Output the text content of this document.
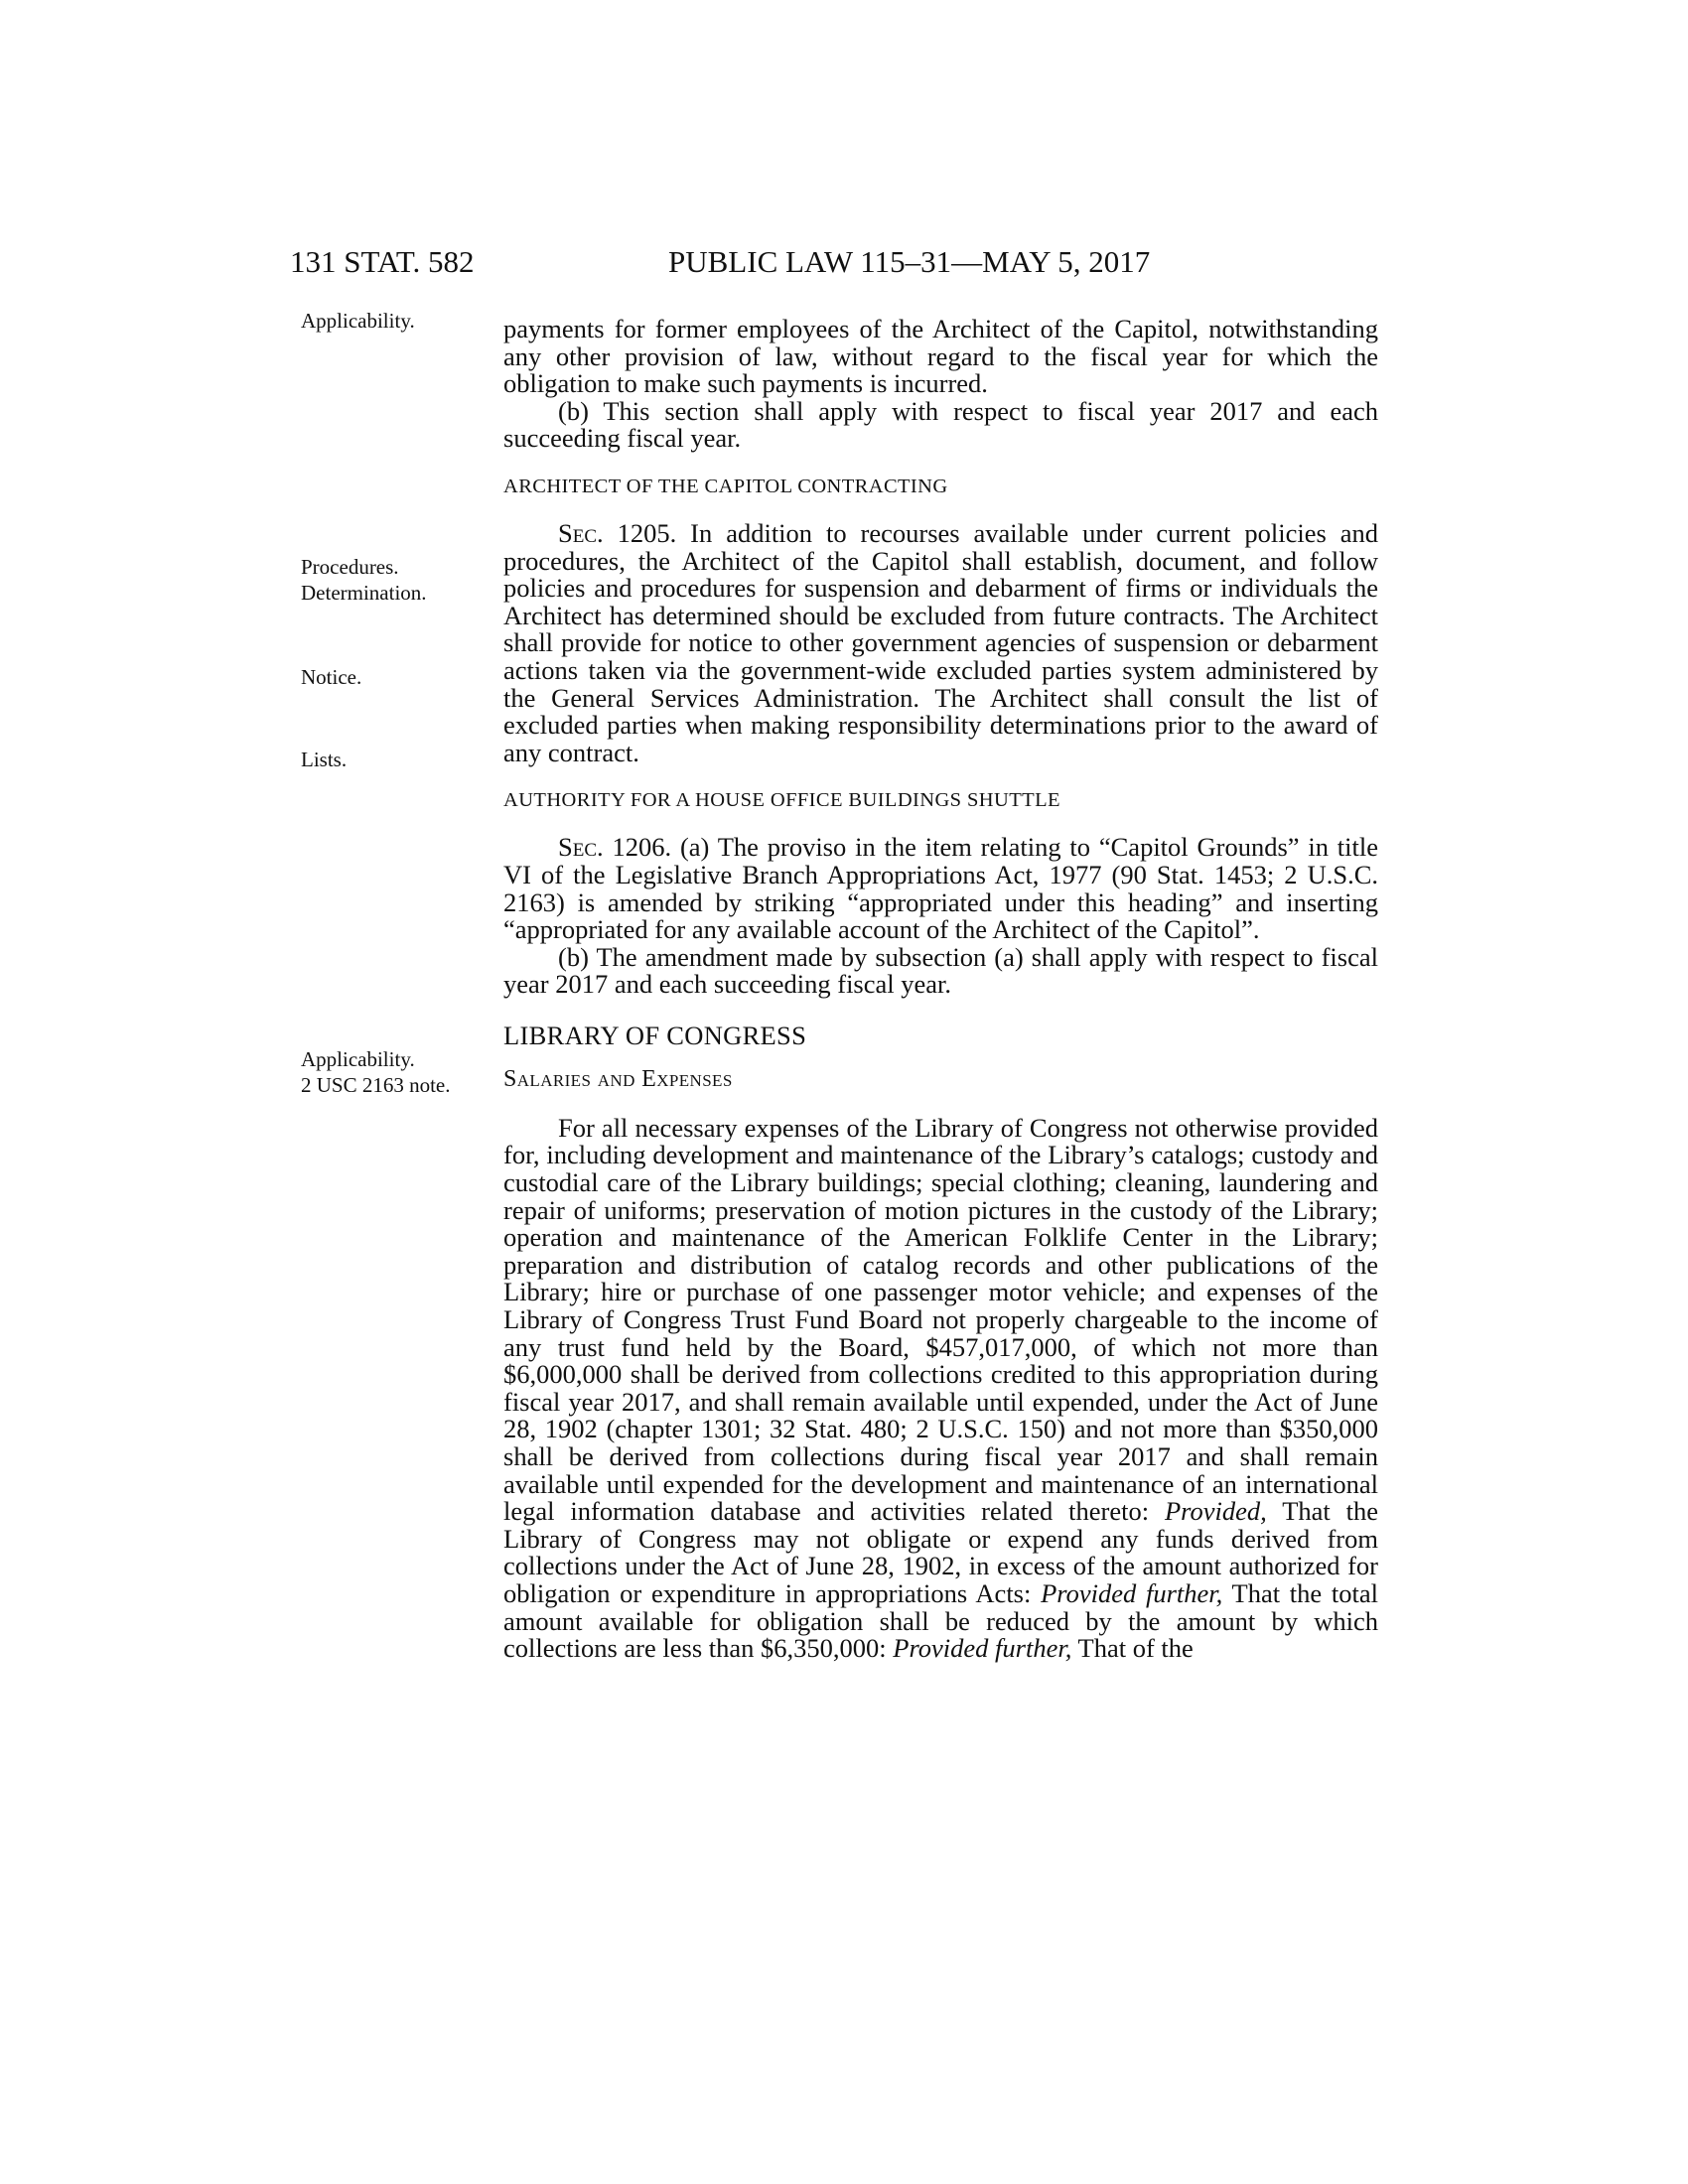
131 STAT. 582	PUBLIC LAW 115–31—MAY 5, 2017
Applicability.
Procedures.
Determination.
Notice.
Lists.
Applicability.
2 USC 2163 note.

payments for former employees of the Architect of the Capitol, notwithstanding any other provision of law, without regard to the fiscal year for which the obligation to make such payments is incurred.

(b) This section shall apply with respect to fiscal year 2017 and each succeeding fiscal year.

ARCHITECT OF THE CAPITOL CONTRACTING

Sec. 1205. In addition to recourses available under current policies and procedures, the Architect of the Capitol shall establish, document, and follow policies and procedures for suspension and debarment of firms or individuals the Architect has determined should be excluded from future contracts. The Architect shall provide for notice to other government agencies of suspension or debarment actions taken via the government-wide excluded parties system administered by the General Services Administration. The Architect shall consult the list of excluded parties when making responsibility determinations prior to the award of any contract.

AUTHORITY FOR A HOUSE OFFICE BUILDINGS SHUTTLE

Sec. 1206. (a) The proviso in the item relating to “Capitol Grounds” in title VI of the Legislative Branch Appropriations Act, 1977 (90 Stat. 1453; 2 U.S.C. 2163) is amended by striking “appropriated under this heading” and inserting “appropriated for any available account of the Architect of the Capitol”.

(b) The amendment made by subsection (a) shall apply with respect to fiscal year 2017 and each succeeding fiscal year.

LIBRARY OF CONGRESS

Salaries and Expenses

For all necessary expenses of the Library of Congress not otherwise provided for, including development and maintenance of the Library’s catalogs; custody and custodial care of the Library buildings; special clothing; cleaning, laundering and repair of uniforms; preservation of motion pictures in the custody of the Library; operation and maintenance of the American Folklife Center in the Library; preparation and distribution of catalog records and other publications of the Library; hire or purchase of one passenger motor vehicle; and expenses of the Library of Congress Trust Fund Board not properly chargeable to the income of any trust fund held by the Board, $457,017,000, of which not more than $6,000,000 shall be derived from collections credited to this appropriation during fiscal year 2017, and shall remain available until expended, under the Act of June 28, 1902 (chapter 1301; 32 Stat. 480; 2 U.S.C. 150) and not more than $350,000 shall be derived from collections during fiscal year 2017 and shall remain available until expended for the development and maintenance of an international legal information database and activities related thereto: Provided, That the Library of Congress may not obligate or expend any funds derived from collections under the Act of June 28, 1902, in excess of the amount authorized for obligation or expenditure in appropriations Acts: Provided further, That the total amount available for obligation shall be reduced by the amount by which collections are less than $6,350,000: Provided further, That of the
